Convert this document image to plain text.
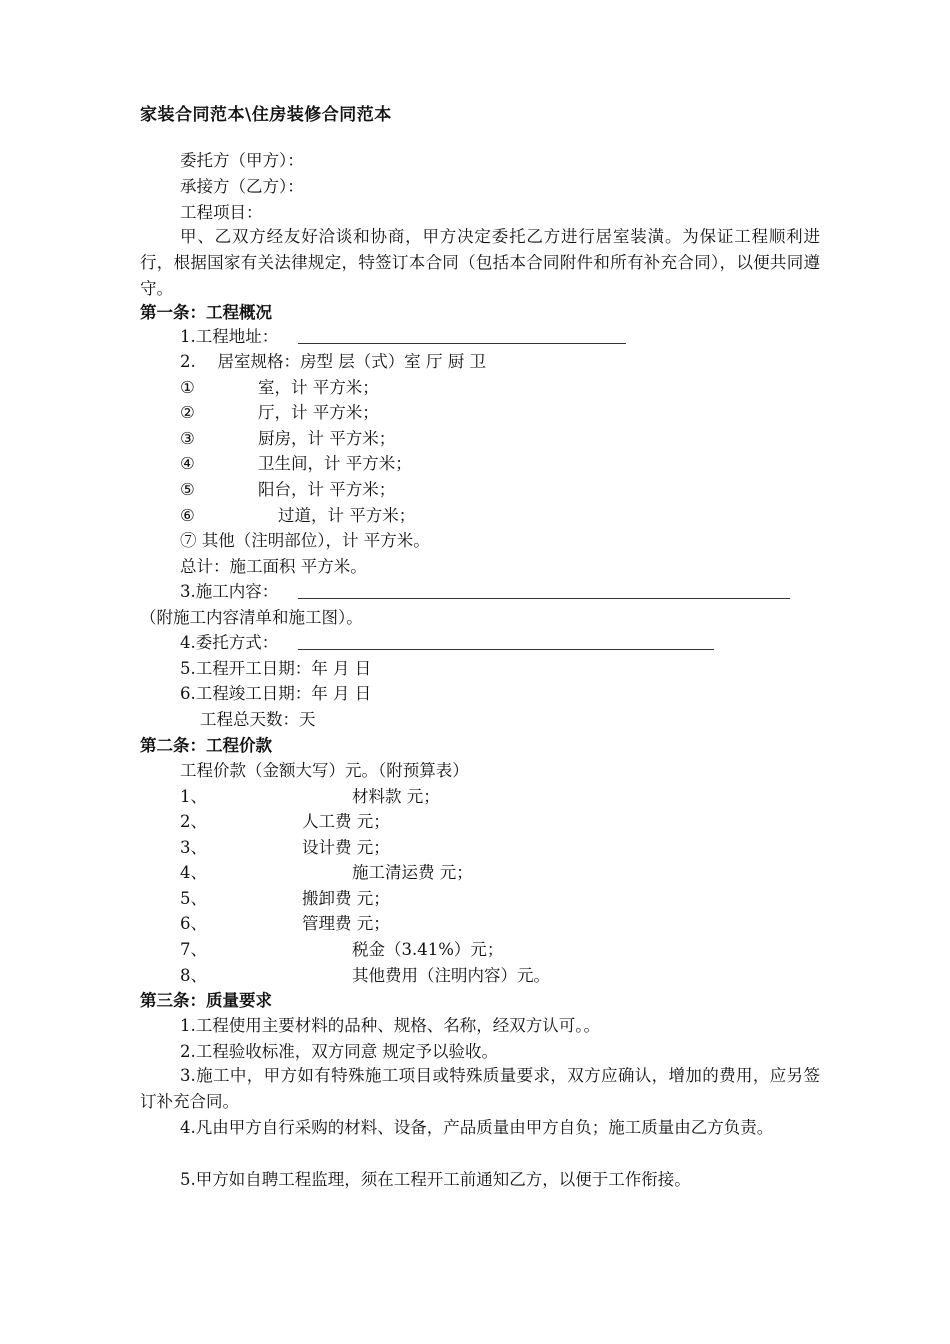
家装合同范本\住房装修合同范本
委托方（甲方）：
承接方（乙方）：
工程项目：
甲、乙双方经友好洽谈和协商，甲方决定委托乙方进行居室装潢。为保证工程顺利进行，根据国家有关法律规定，特签订本合同（包括本合同附件和所有补充合同），以便共同遵守。
第一条：工程概况
1.工程地址：
2.　 居室规格：房型 层（式）室 厅 厨 卫
①	室，计 平方米；
②	厅，计 平方米；
③	厨房，计 平方米；
④	卫生间，计 平方米；
⑤	阳台，计 平方米；
⑥	过道，计 平方米；
⑦ 其他（注明部位），计 平方米。
总计：施工面积 平方米。
3.施工内容：
（附施工内容清单和施工图）。
4.委托方式：
5.工程开工日期：年 月 日
6.工程竣工日期：年 月 日
工程总天数：天
第二条：工程价款
工程价款（金额大写）元。（附预算表）
1、	材料款 元；
2、	人工费 元；
3、	设计费 元；
4、	施工清运费 元；
5、	搬卸费 元；
6、	管理费 元；
7、	税金（3.41%）元；
8、	其他费用（注明内容）元。
第三条：质量要求
1.工程使用主要材料的品种、规格、名称，经双方认可。。
2.工程验收标准，双方同意 规定予以验收。
3.施工中，甲方如有特殊施工项目或特殊质量要求，双方应确认，增加的费用，应另签订补充合同。
4.凡由甲方自行采购的材料、设备，产品质量由甲方自负；施工质量由乙方负责。
5.甲方如自聘工程监理，须在工程开工前通知乙方，以便于工作衔接。
